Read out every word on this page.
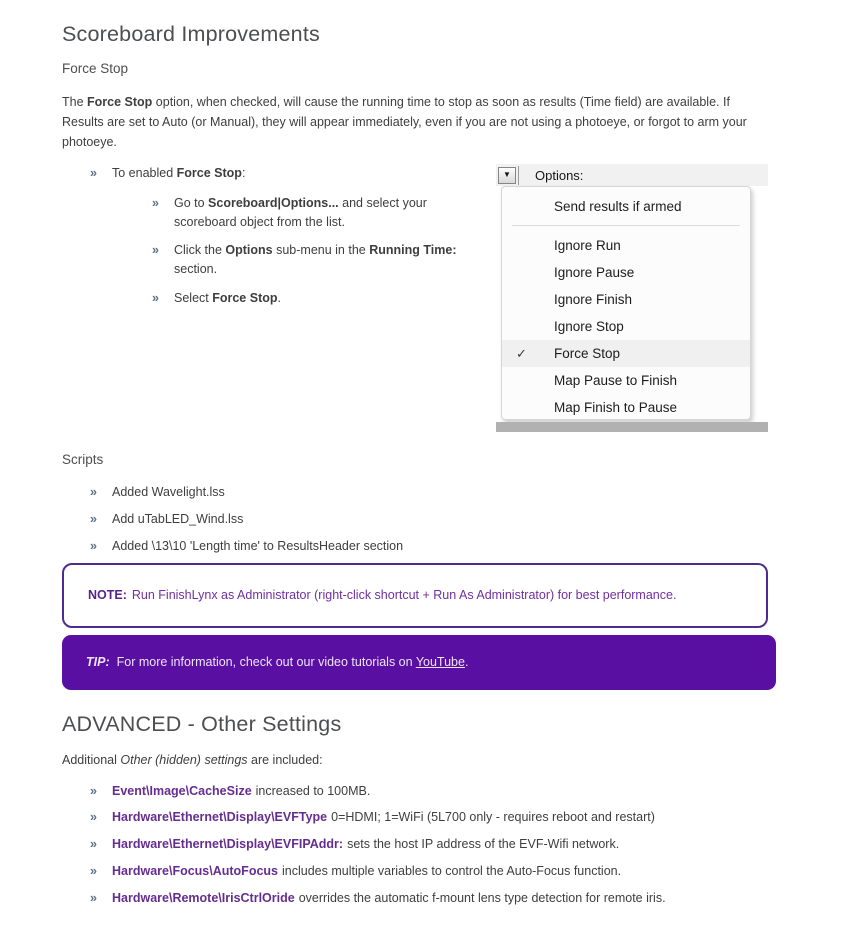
Scoreboard Improvements
Force Stop

The Force Stop option, when checked, will cause the running time to stop as soon as results (Time field) are available. If Results are set to Auto (or Manual), they will appear immediately, even if you are not using a photoeye, or forgot to arm your photoeye.

»	To enabled Force Stop:

»	Go to Scoreboard|Options... and select your scoreboard object from the list.

»	Click the Options sub-menu in the Running Time: section.

»	Select Force Stop.

▼ Options:
Send results if armed
Ignore Run
Ignore Pause
Ignore Finish
Ignore Stop
✓ Force Stop
Map Pause to Finish
Map Finish to Pause
Scripts
»	Added Wavelight.lss

»	Add uTabLED_Wind.lss

»	Added \13\10 'Length time' to ResultsHeader section

NOTE: Run FinishLynx as Administrator (right-click shortcut + Run As Administrator) for best performance.
TIP: For more information, check out our video tutorials on YouTube.
ADVANCED - Other Settings

Additional Other (hidden) settings are included:

»	Event\Image\CacheSize increased to 100MB.

»	Hardware\Ethernet\Display\EVFType 0=HDMI; 1=WiFi (5L700 only - requires reboot and restart)

»	Hardware\Ethernet\Display\EVFIPAddr: sets the host IP address of the EVF-Wifi network.

»	Hardware\Focus\AutoFocus includes multiple variables to control the Auto-Focus function.

»	Hardware\Remote\IrisCtrlOride overrides the automatic f-mount lens type detection for remote iris.
